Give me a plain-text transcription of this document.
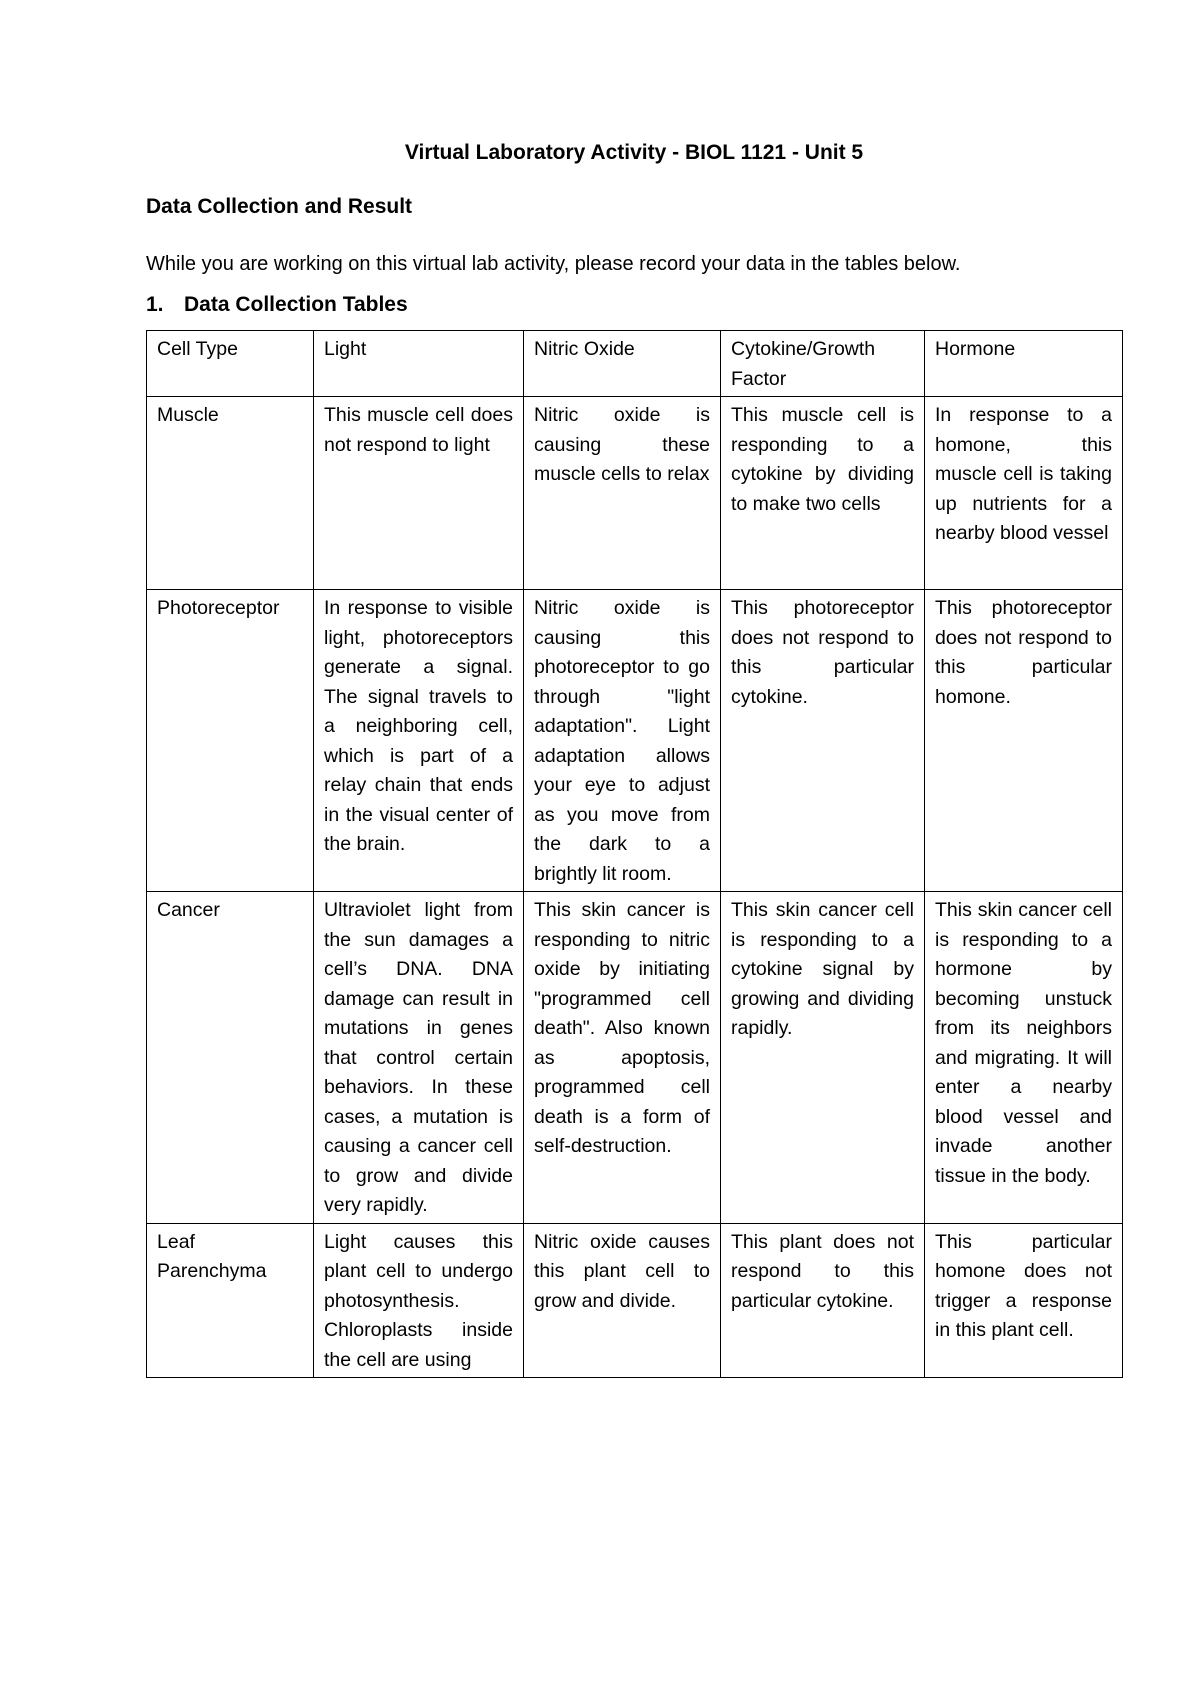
Virtual Laboratory Activity - BIOL 1121 - Unit 5
Data Collection and Result
While you are working on this virtual lab activity, please record your data in the tables below.
1. Data Collection Tables
Cell Type	Light	Nitric Oxide	Cytokine/Growth Factor	Hormone
Muscle	This muscle cell does not respond to light	Nitric oxide is causing these muscle cells to relax	This muscle cell is responding to a cytokine by dividing to make two cells	In response to a homone, this muscle cell is taking up nutrients for a nearby blood vessel
Photoreceptor	In response to visible light, photoreceptors generate a signal. The signal travels to a neighboring cell, which is part of a relay chain that ends in the visual center of the brain.	Nitric oxide is causing this photoreceptor to go through "light adaptation". Light adaptation allows your eye to adjust as you move from the dark to a brightly lit room.	This photoreceptor does not respond to this particular cytokine.	This photoreceptor does not respond to this particular homone.
Cancer	Ultraviolet light from the sun damages a cell’s DNA. DNA damage can result in mutations in genes that control certain behaviors. In these cases, a mutation is causing a cancer cell to grow and divide very rapidly.	This skin cancer is responding to nitric oxide by initiating "programmed cell death". Also known as apoptosis, programmed cell death is a form of self-destruction.	This skin cancer cell is responding to a cytokine signal by growing and dividing rapidly.	This skin cancer cell is responding to a hormone by becoming unstuck from its neighbors and migrating. It will enter a nearby blood vessel and invade another tissue in the body.
Leaf Parenchyma	Light causes this plant cell to undergo photosynthesis. Chloroplasts inside the cell are using	Nitric oxide causes this plant cell to grow and divide.	This plant does not respond to this particular cytokine.	This particular homone does not trigger a response in this plant cell.
